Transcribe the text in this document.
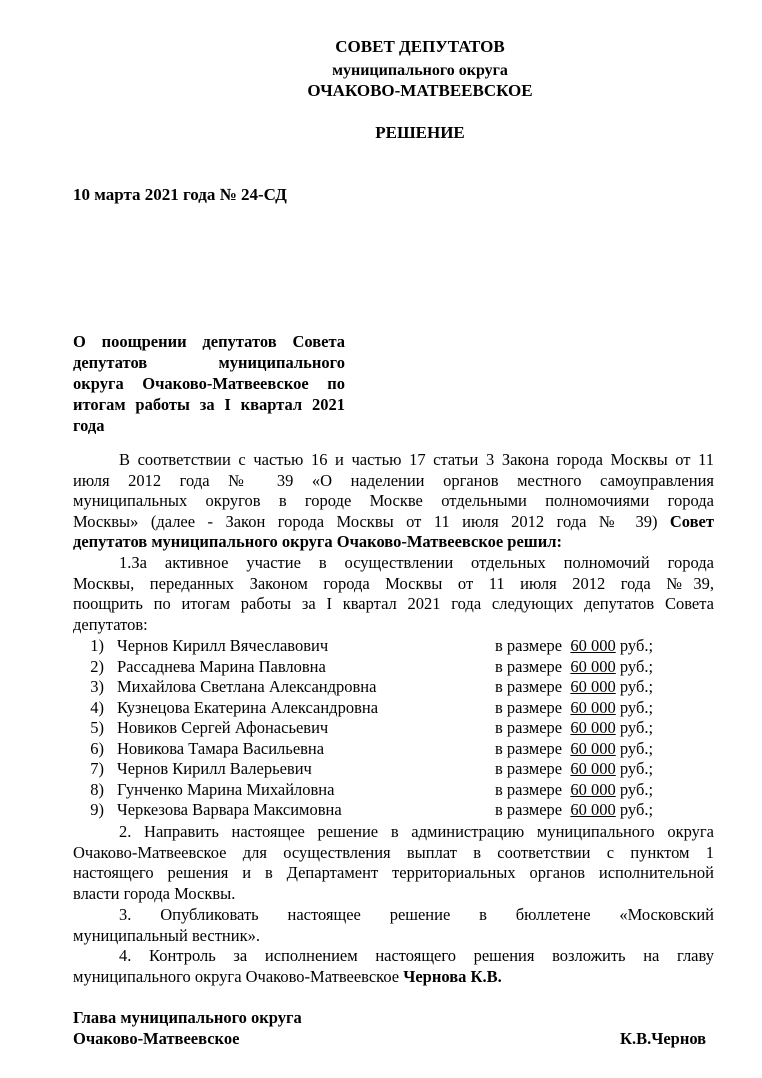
СОВЕТ ДЕПУТАТОВ
муниципального округа
ОЧАКОВО-МАТВЕЕВСКОЕ
РЕШЕНИЕ
10 марта 2021 года № 24-СД
О поощрении депутатов Совета
депутатов	муниципального
округа Очаково-Матвеевское по
итогам работы за I квартал 2021
года
В соответствии с частью 16 и частью 17 статьи 3 Закона города Москвы от 11
июля 2012 года № 39 «О наделении органов местного самоуправления
муниципальных округов в городе Москве отдельными полномочиями города
Москвы» (далее - Закон города Москвы от 11 июля 2012 года № 39) Совет
депутатов муниципального округа Очаково-Матвеевское решил:
1.За активное участие в осуществлении отдельных полномочий города
Москвы, переданных Законом города Москвы от 11 июля 2012 года №39,
поощрить по итогам работы за I квартал 2021 года следующих депутатов Совета
депутатов:
1) Чернов Кирилл Вячеславович	в размере 60 000 руб.;
2) Рассаднева Марина Павловна	в размере 60 000 руб.;
3) Михайлова Светлана Александровна	в размере 60 000 руб.;
4) Кузнецова Екатерина Александровна	в размере 60 000 руб.;
5) Новиков Сергей Афонасьевич	в размере 60 000 руб.;
6) Новикова Тамара Васильевна	в размере 60 000 руб.;
7) Чернов Кирилл Валерьевич	в размере 60 000 руб.;
8) Гунченко Марина Михайловна	в размере 60 000 руб.;
9) Черкезова Варвара Максимовна	в размере 60 000 руб.;
2. Направить настоящее решение в администрацию муниципального округа
Очаково-Матвеевское для осуществления выплат в соответствии с пунктом 1
настоящего решения и в Департамент территориальных органов исполнительной
власти города Москвы.
3. Опубликовать настоящее решение в бюллетене «Московский
муниципальный вестник».
4. Контроль за исполнением настоящего решения возложить на главу
муниципального округа Очаково-Матвеевское Чернова К.В.
Глава муниципального округа
Очаково-Матвеевское	К.В.Чернов
